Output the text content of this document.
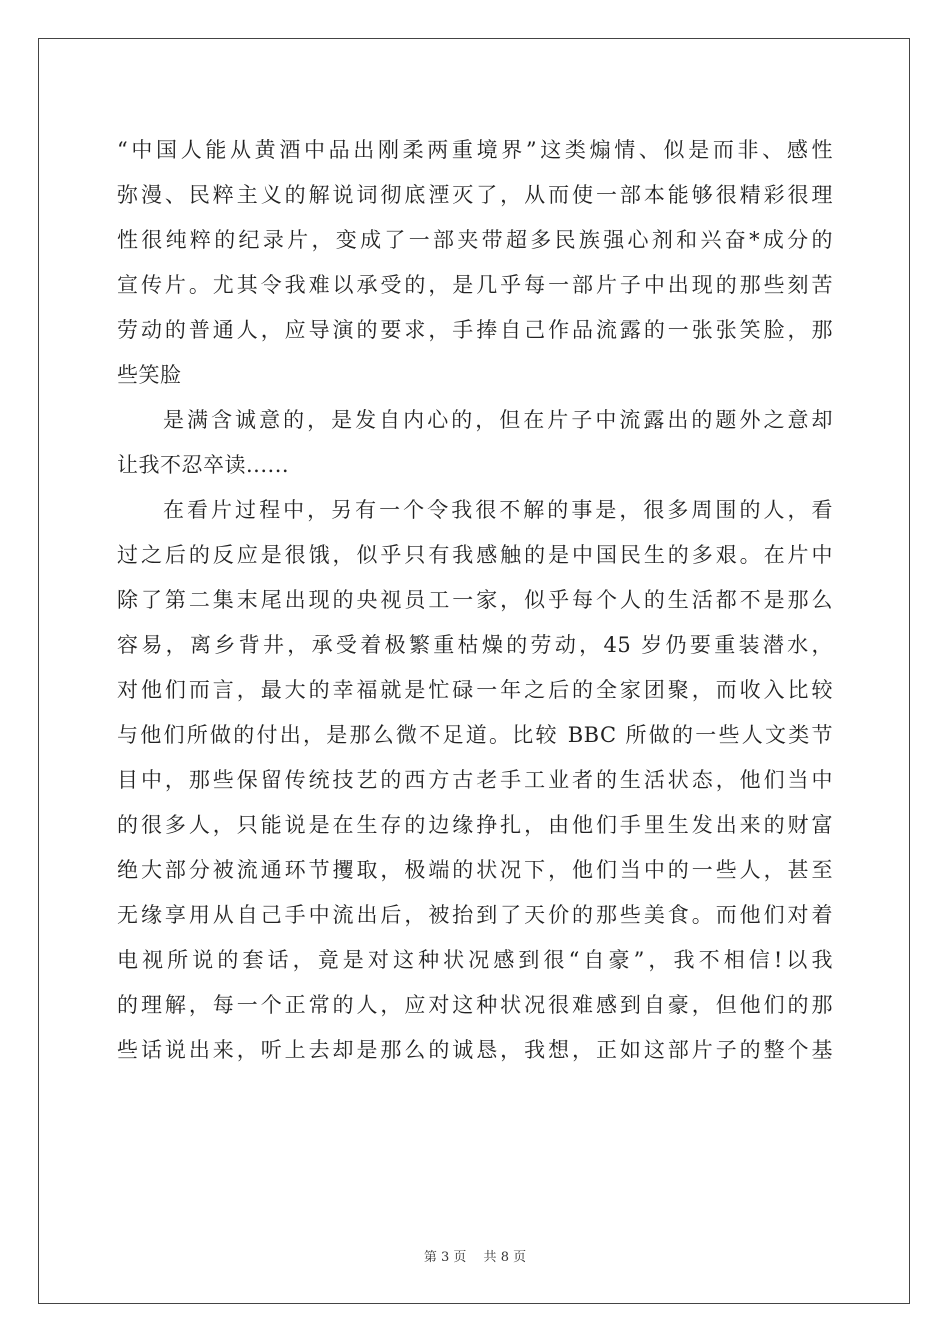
“中国人能从黄酒中品出刚柔两重境界”这类煽情、似是而非、感性
弥漫、民粹主义的解说词彻底湮灭了，从而使一部本能够很精彩很理
性很纯粹的纪录片，变成了一部夹带超多民族强心剂和兴奋*成分的
宣传片。尤其令我难以承受的，是几乎每一部片子中出现的那些刻苦
劳动的普通人，应导演的要求，手捧自己作品流露的一张张笑脸，那
些笑脸
是满含诚意的，是发自内心的，但在片子中流露出的题外之意却
让我不忍卒读......
在看片过程中，另有一个令我很不解的事是，很多周围的人，看
过之后的反应是很饿，似乎只有我感触的是中国民生的多艰。在片中
除了第二集末尾出现的央视员工一家，似乎每个人的生活都不是那么
容易，离乡背井，承受着极繁重枯燥的劳动，45 岁仍要重装潜水，
对他们而言，最大的幸福就是忙碌一年之后的全家团聚，而收入比较
与他们所做的付出，是那么微不足道。比较 BBC 所做的一些人文类节
目中，那些保留传统技艺的西方古老手工业者的生活状态，他们当中
的很多人，只能说是在生存的边缘挣扎，由他们手里生发出来的财富
绝大部分被流通环节攫取，极端的状况下，他们当中的一些人，甚至
无缘享用从自己手中流出后，被抬到了天价的那些美食。而他们对着
电视所说的套话，竟是对这种状况感到很“自豪”，我不相信!以我
的理解，每一个正常的人，应对这种状况很难感到自豪，但他们的那
些话说出来，听上去却是那么的诚恳，我想，正如这部片子的整个基
第 3 页　 共 8 页
